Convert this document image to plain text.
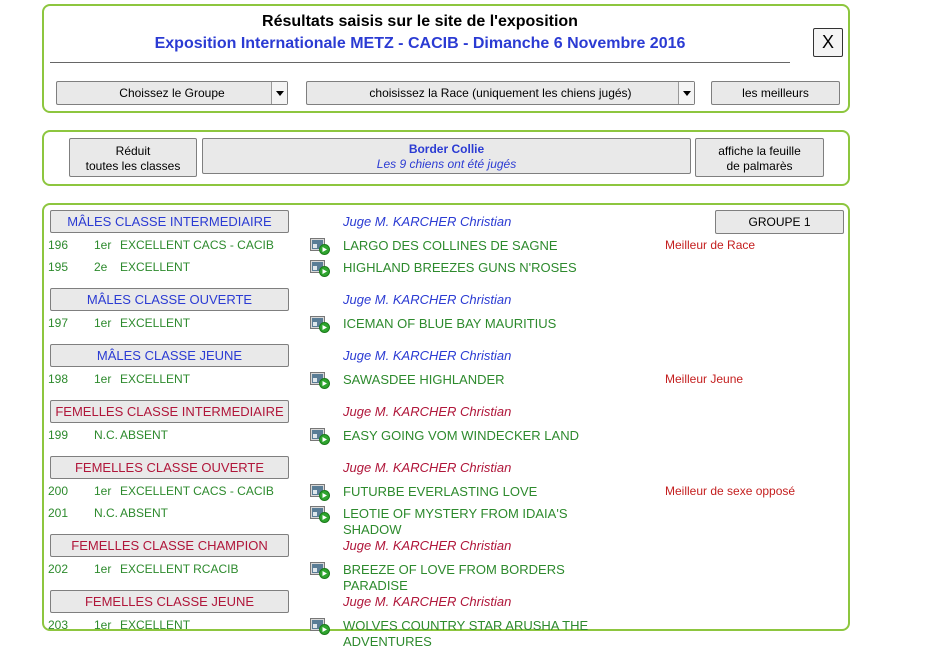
Résultats saisis sur le site de l'exposition
Exposition Internationale METZ - CACIB - Dimanche 6 Novembre 2016	X
Choissez le Groupe	choisissez la Race (uniquement les chiens jugés)	les meilleurs
Réduit
toutes les classes
Border Collie
Les 9 chiens ont été jugés
affiche la feuille
de palmarès
GROUPE 1
MÂLES CLASSE INTERMEDIAIRE	Juge M. KARCHER Christian
196 1er EXCELLENT CACS - CACIB	LARGO DES COLLINES DE SAGNE	Meilleur de Race
195 2e EXCELLENT	HIGHLAND BREEZES GUNS N'ROSES
MÂLES CLASSE OUVERTE	Juge M. KARCHER Christian
197 1er EXCELLENT	ICEMAN OF BLUE BAY MAURITIUS
MÂLES CLASSE JEUNE	Juge M. KARCHER Christian
198 1er EXCELLENT	SAWASDEE HIGHLANDER	Meilleur Jeune
FEMELLES CLASSE INTERMEDIAIRE	Juge M. KARCHER Christian
199 N.C. ABSENT	EASY GOING VOM WINDECKER LAND
FEMELLES CLASSE OUVERTE	Juge M. KARCHER Christian
200 1er EXCELLENT CACS - CACIB	FUTURBE EVERLASTING LOVE	Meilleur de sexe opposé
201 N.C. ABSENT	LEOTIE OF MYSTERY FROM IDAIA'S SHADOW
FEMELLES CLASSE CHAMPION	Juge M. KARCHER Christian
202 1er EXCELLENT RCACIB	BREEZE OF LOVE FROM BORDERS PARADISE
FEMELLES CLASSE JEUNE	Juge M. KARCHER Christian
203 1er EXCELLENT	WOLVES COUNTRY STAR ARUSHA THE ADVENTURES
